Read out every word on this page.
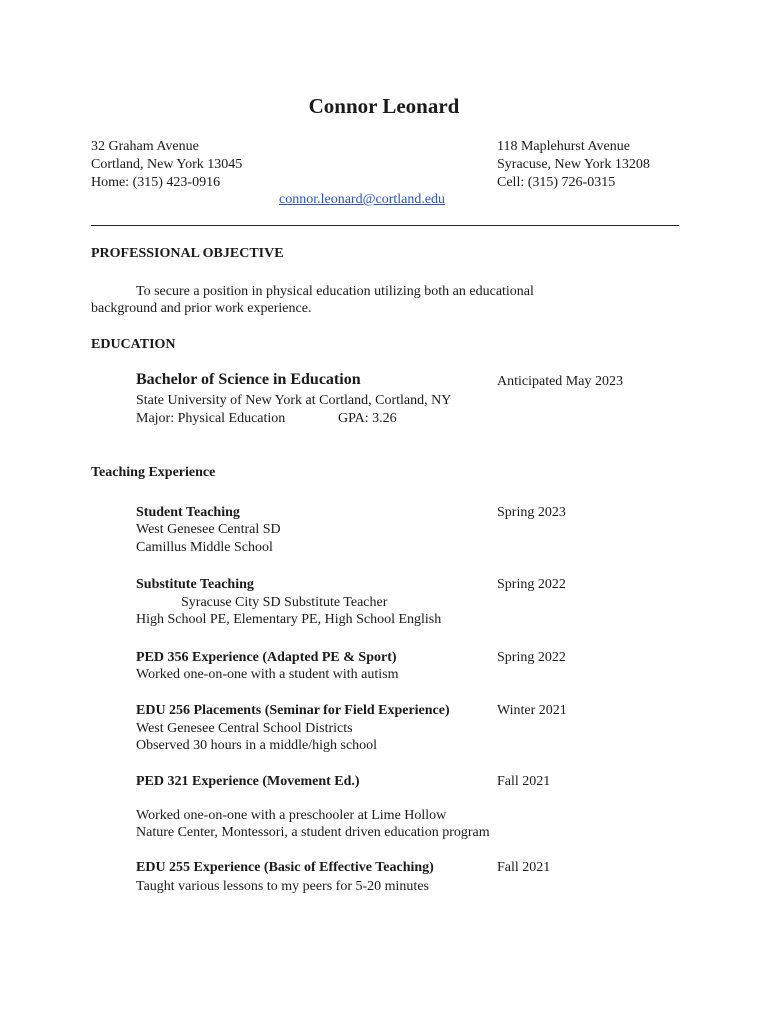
Connor Leonard
32 Graham Avenue
Cortland, New York 13045
Home: (315) 423-0916
118 Maplehurst Avenue
Syracuse, New York 13208
Cell: (315) 726-0315
connor.leonard@cortland.edu
PROFESSIONAL OBJECTIVE
To secure a position in physical education utilizing both an educational
background and prior work experience.
EDUCATION
Bachelor of Science in Education	Anticipated May 2023
State University of New York at Cortland, Cortland, NY
Major: Physical Education	GPA: 3.26
Teaching Experience
Student Teaching	Spring 2023
West Genesee Central SD
Camillus Middle School
Substitute Teaching	Spring 2022
Syracuse City SD Substitute Teacher
High School PE, Elementary PE, High School English
PED 356 Experience (Adapted PE & Sport)	Spring 2022
Worked one-on-one with a student with autism
EDU 256 Placements (Seminar for Field Experience)	Winter 2021
West Genesee Central School Districts
Observed 30 hours in a middle/high school
PED 321 Experience (Movement Ed.)	Fall 2021
Worked one-on-one with a preschooler at Lime Hollow
Nature Center, Montessori, a student driven education program
EDU 255 Experience (Basic of Effective Teaching)	Fall 2021
Taught various lessons to my peers for 5-20 minutes
